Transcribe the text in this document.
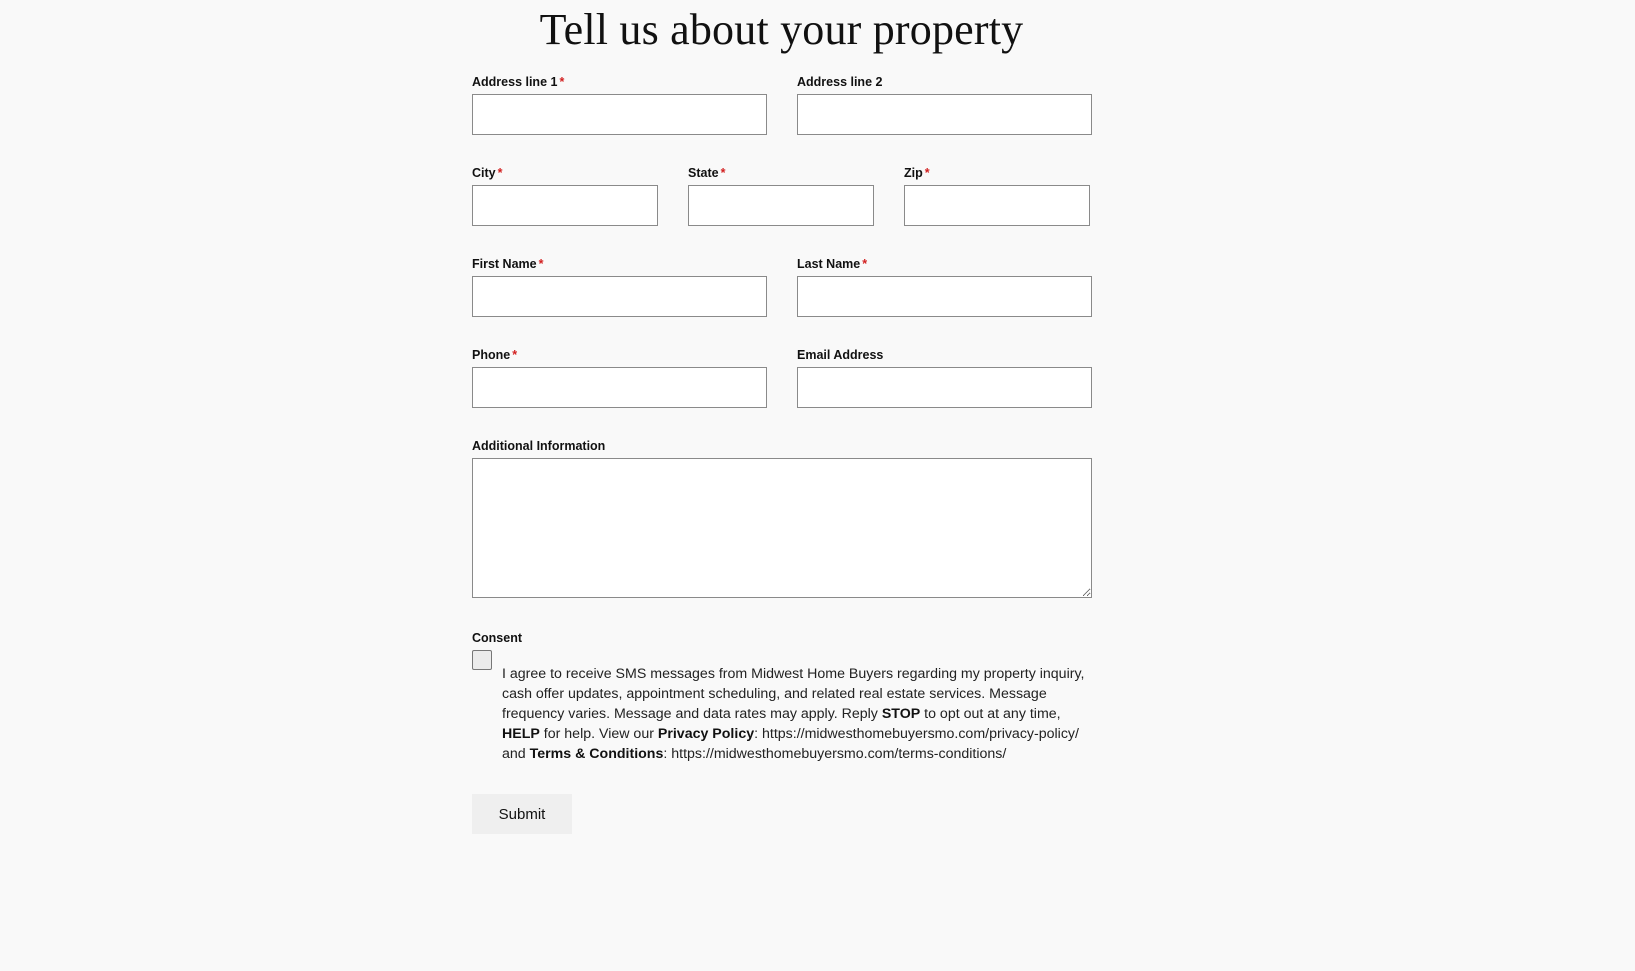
Tell us about your property
Address line 1 *	Address line 2
City *	State *	Zip *
First Name *	Last Name *
Phone *	Email Address
Additional Information
Consent
I agree to receive SMS messages from Midwest Home Buyers regarding my property inquiry, cash offer updates, appointment scheduling, and related real estate services. Message frequency varies. Message and data rates may apply. Reply STOP to opt out at any time, HELP for help. View our Privacy Policy: https://midwesthomebuyersmo.com/privacy-policy/ and Terms & Conditions: https://midwesthomebuyersmo.com/terms-conditions/
Submit
